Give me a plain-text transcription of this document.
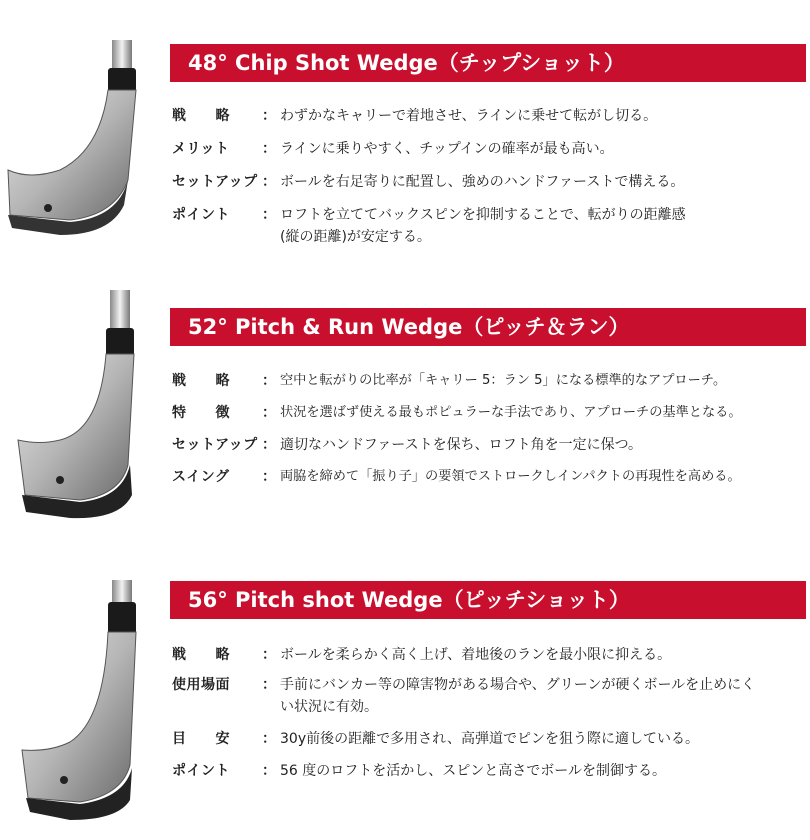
48° Chip Shot Wedge（チップショット）
戦　　略	： わずかなキャリーで着地させ、ラインに乗せて転がし切る。
メリット	： ラインに乗りやすく、チップインの確率が最も高い。
セットアップ ： ボールを右足寄りに配置し、強めのハンドファーストで構える。
ポイント	： ロフトを立ててバックスピンを抑制することで、転がりの距離感
(縦の距離)が安定する。
52° Pitch & Run Wedge（ピッチ＆ラン）
戦　　略	： 空中と転がりの比率が「キャリー 5：ラン 5」になる標準的なアプローチ。
特　　徴	： 状況を選ばず使える最もポピュラーな手法であり、アプローチの基準となる。
セットアップ ： 適切なハンドファーストを保ち、ロフト角を一定に保つ。
スイング	： 両脇を締めて「振り子」の要領でストロークしインパクトの再現性を高める。
56° Pitch shot Wedge（ピッチショット）
戦　　略	： ボールを柔らかく高く上げ、着地後のランを最小限に抑える。
使用場面	： 手前にバンカー等の障害物がある場合や、グリーンが硬くボールを止めにく
い状況に有効。
目　　安	： 30y前後の距離で多用され、高弾道でピンを狙う際に適している。
ポイント	： 56 度のロフトを活かし、スピンと高さでボールを制御する。
